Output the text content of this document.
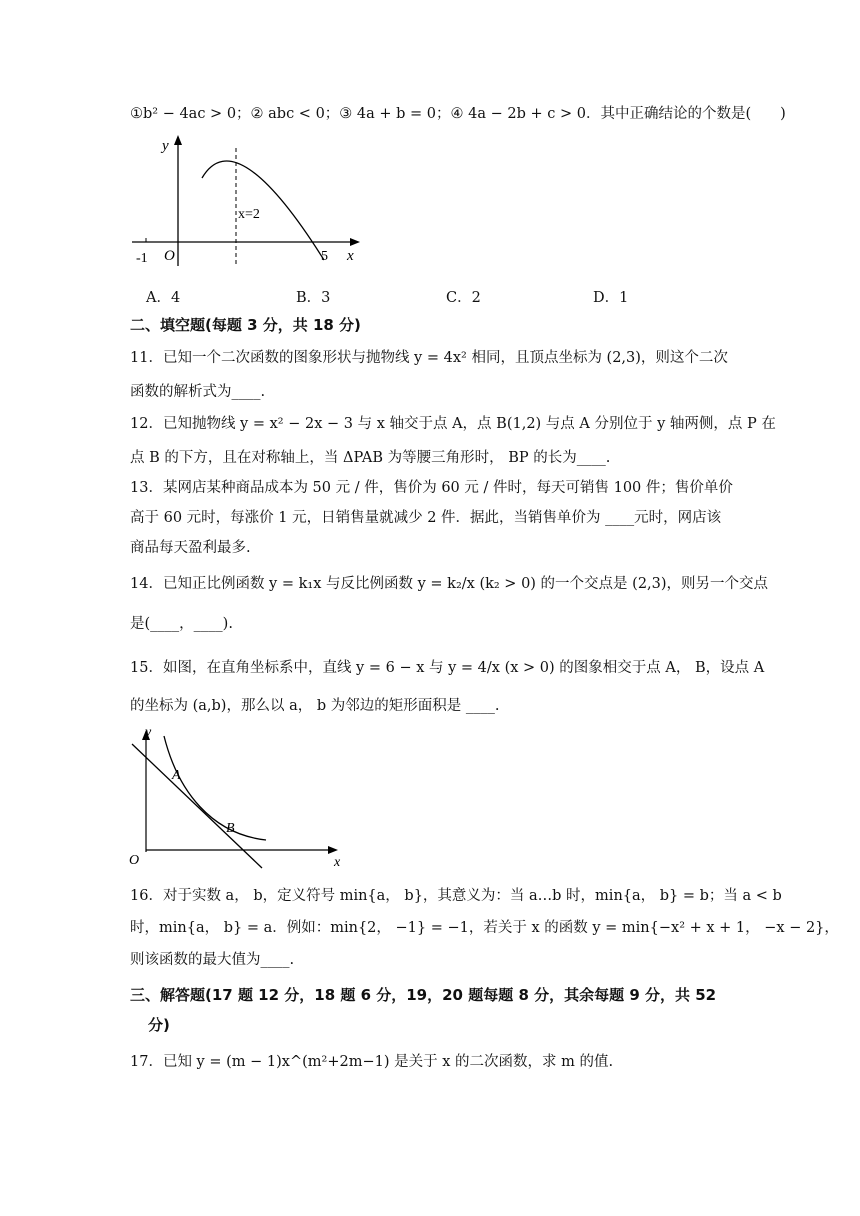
①b² − 4ac > 0；② abc < 0；③ 4a + b = 0；④ 4a − 2b + c > 0．其中正确结论的个数是(　　)
y
O
-1	5 x
x=2
A．4	B．3	C．2	D．1
二、填空题(每题 3 分，共 18 分)
11．已知一个二次函数的图象形状与抛物线 y = 4x² 相同，且顶点坐标为 (2,3)，则这个二次
函数的解析式为____.
12．已知抛物线 y = x² − 2x − 3 与 x 轴交于点 A，点 B(1,2) 与点 A 分别位于 y 轴两侧，点 P 在
点 B 的下方，且在对称轴上，当 ΔPAB 为等腰三角形时， BP 的长为____.
13．某网店某种商品成本为 50 元 / 件，售价为 60 元 / 件时，每天可销售 100 件；售价单价
高于 60 元时，每涨价 1 元，日销售量就减少 2 件．据此，当销售单价为 ____元时，网店该
商品每天盈利最多.
14．已知正比例函数 y = k₁x 与反比例函数 y = k₂/x (k₂ > 0) 的一个交点是 (2,3)，则另一个交点
是(____，____).
15．如图，在直角坐标系中，直线 y = 6 − x 与 y = 4/x (x > 0) 的图象相交于点 A， B，设点 A
的坐标为 (a,b)，那么以 a， b 为邻边的矩形面积是 ____.
y
O
A
B
x
16．对于实数 a， b，定义符号 min{a， b}，其意义为：当 a…b 时，min{a， b} = b；当 a < b
时，min{a， b} = a．例如：min{2， −1} = −1，若关于 x 的函数 y = min{−x² + x + 1， −x − 2}，
则该函数的最大值为____.
三、解答题(17 题 12 分，18 题 6 分，19，20 题每题 8 分，其余每题 9 分，共 52
分)
17．已知 y = (m − 1)x^(m²+2m−1) 是关于 x 的二次函数，求 m 的值.
